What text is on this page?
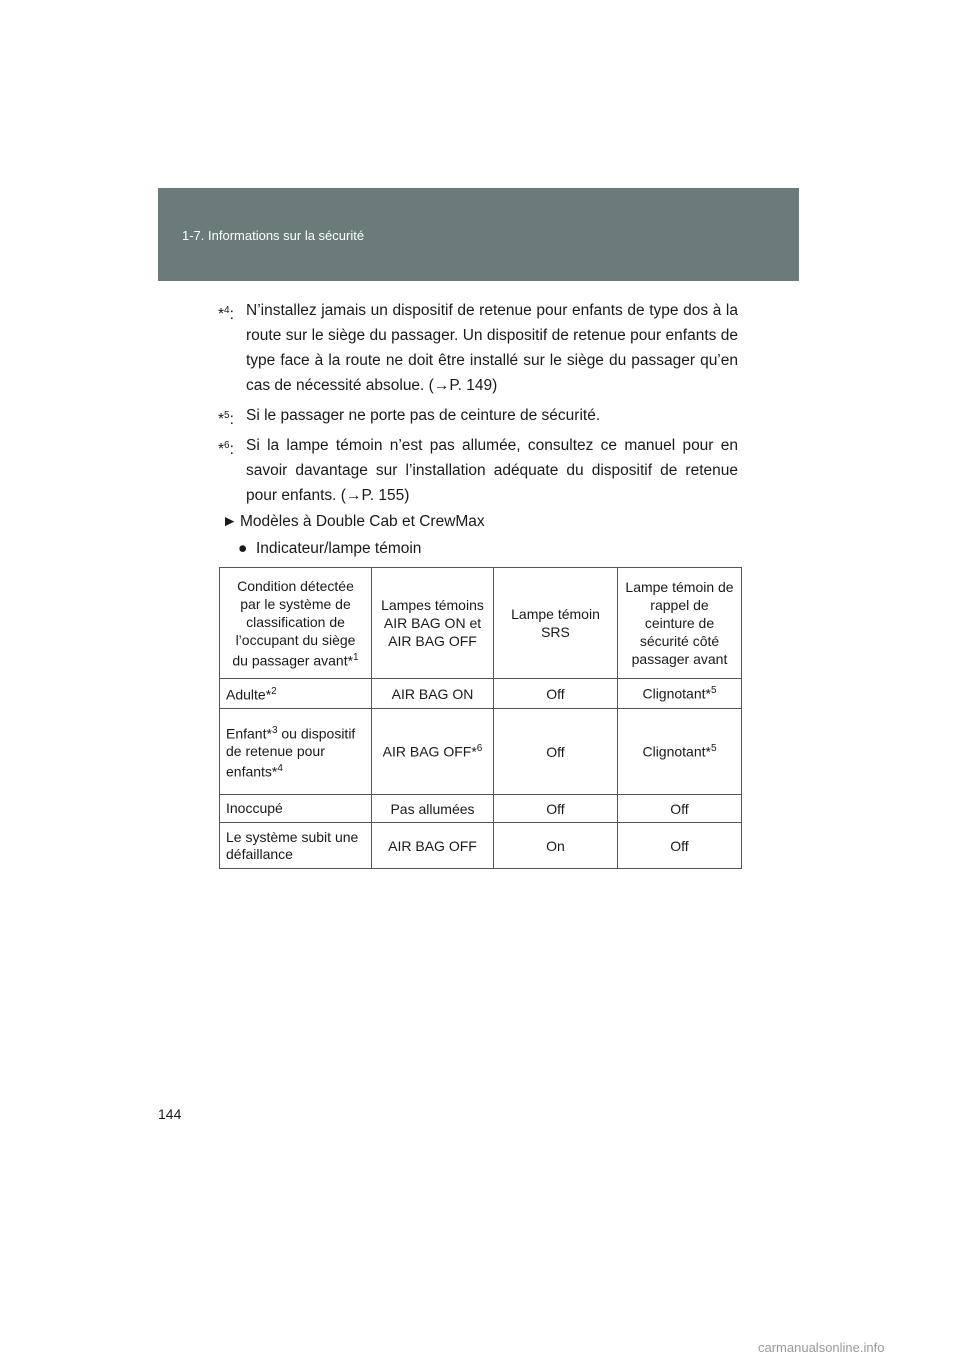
1-7. Informations sur la sécurité
*$^4$: N’installez jamais un dispositif de retenue pour enfants de type dos à la route sur le siège du passager. Un dispositif de retenue pour enfants de type face à la route ne doit être installé sur le siège du passager qu’en cas de nécessité absolue. (→P. 149)
*$^5$: Si le passager ne porte pas de ceinture de sécurité.
*$^6$: Si la lampe témoin n’est pas allumée, consultez ce manuel pour en savoir davantage sur l’installation adéquate du dispositif de retenue pour enfants. (→P. 155)
► Modèles à Double Cab et CrewMax
● Indicateur/lampe témoin
Condition détectée par le système de classification de l’occupant du siège du passager avant*$^1$	Lampes témoins AIR BAG ON et AIR BAG OFF	Lampe témoin SRS	Lampe témoin de rappel de ceinture de sécurité côté passager avant
Adulte*$^2$	AIR BAG ON	Off	Clignotant*$^5$
Enfant*$^3$ ou dispositif de retenue pour enfants*$^4$	AIR BAG OFF*$^6$	Off	Clignotant*$^5$
Inoccupé	Pas allumées	Off	Off
Le système subit une défaillance	AIR BAG OFF	On	Off
144
carmanualsonline.info
